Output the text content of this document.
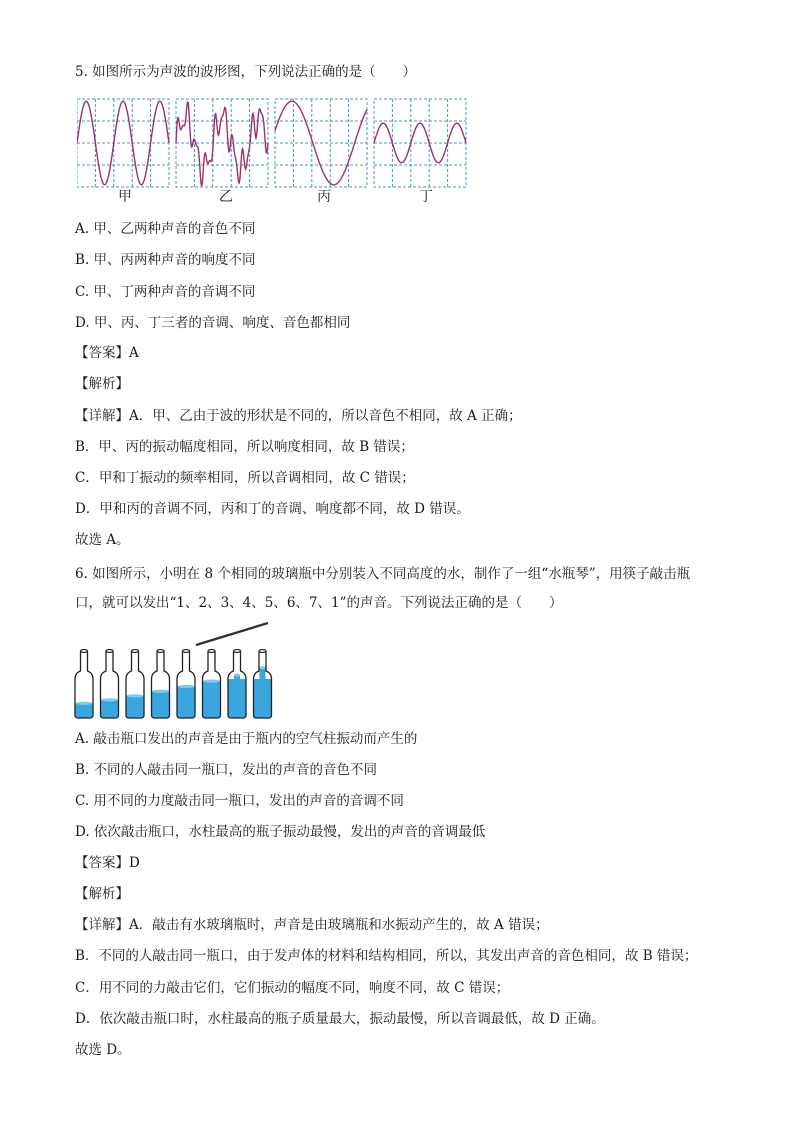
5. 如图所示为声波的波形图，下列说法正确的是（　　）
甲	乙	丙	丁
A. 甲、乙两种声音的音色不同
B. 甲、丙两种声音的响度不同
C. 甲、丁两种声音的音调不同
D. 甲、丙、丁三者的音调、响度、音色都相同
【答案】A
【解析】
【详解】A．甲、乙由于波的形状是不同的，所以音色不相同，故 A 正确；
B．甲、丙的振动幅度相同，所以响度相同，故 B 错误；
C．甲和丁振动的频率相同，所以音调相同，故 C 错误；
D．甲和丙的音调不同，丙和丁的音调、响度都不同，故 D 错误。
故选 A。
6. 如图所示，小明在 8 个相同的玻璃瓶中分别装入不同高度的水，制作了一组“水瓶琴”，用筷子敲击瓶
口，就可以发出“1、2、3、4、5、6、7、1”的声音。下列说法正确的是（　　）
A. 敲击瓶口发出的声音是由于瓶内的空气柱振动而产生的
B. 不同的人敲击同一瓶口，发出的声音的音色不同
C. 用不同的力度敲击同一瓶口，发出的声音的音调不同
D. 依次敲击瓶口，水柱最高的瓶子振动最慢，发出的声音的音调最低
【答案】D
【解析】
【详解】A．敲击有水玻璃瓶时，声音是由玻璃瓶和水振动产生的，故 A 错误；
B．不同的人敲击同一瓶口，由于发声体的材料和结构相同，所以，其发出声音的音色相同，故 B 错误；
C．用不同的力敲击它们，它们振动的幅度不同，响度不同，故 C 错误；
D．依次敲击瓶口时，水柱最高的瓶子质量最大，振动最慢，所以音调最低，故 D 正确。
故选 D。
